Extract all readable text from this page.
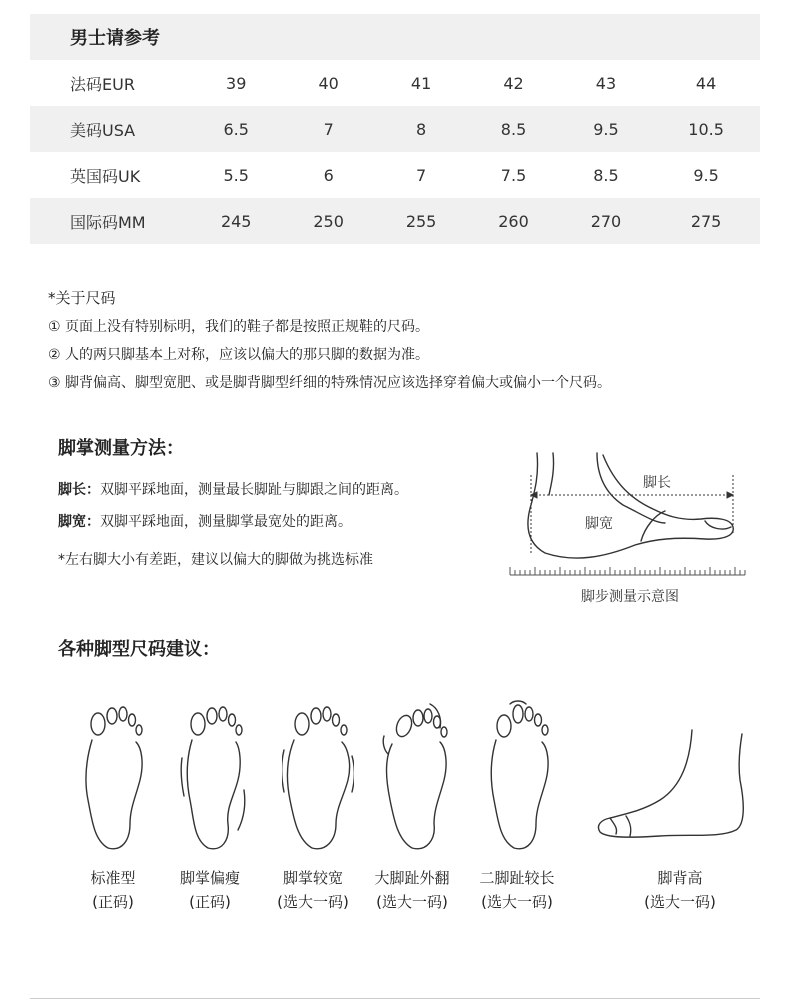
男士请参考						
法码EUR	39	40	41	42	43	44
美码USA	6.5	7	8	8.5	9.5	10.5
英国码UK	5.5	6	7	7.5	8.5	9.5
国际码MM	245	250	255	260	270	275
*关于尺码
① 页面上没有特别标明，我们的鞋子都是按照正规鞋的尺码。
② 人的两只脚基本上对称，应该以偏大的那只脚的数据为准。
③ 脚背偏高、脚型宽肥、或是脚背脚型纤细的特殊情况应该选择穿着偏大或偏小一个尺码。
脚掌测量方法：
脚长：双脚平踩地面，测量最长脚趾与脚跟之间的距离。
脚宽：双脚平踩地面，测量脚掌最宽处的距离。
*左右脚大小有差距，建议以偏大的脚做为挑选标准
脚长
脚宽
脚步测量示意图
各种脚型尺码建议：
标准型
(正码)
脚掌偏瘦
(正码)
脚掌较宽
(选大一码)
大脚趾外翻
(选大一码)
二脚趾较长
(选大一码)
脚背高
(选大一码)
